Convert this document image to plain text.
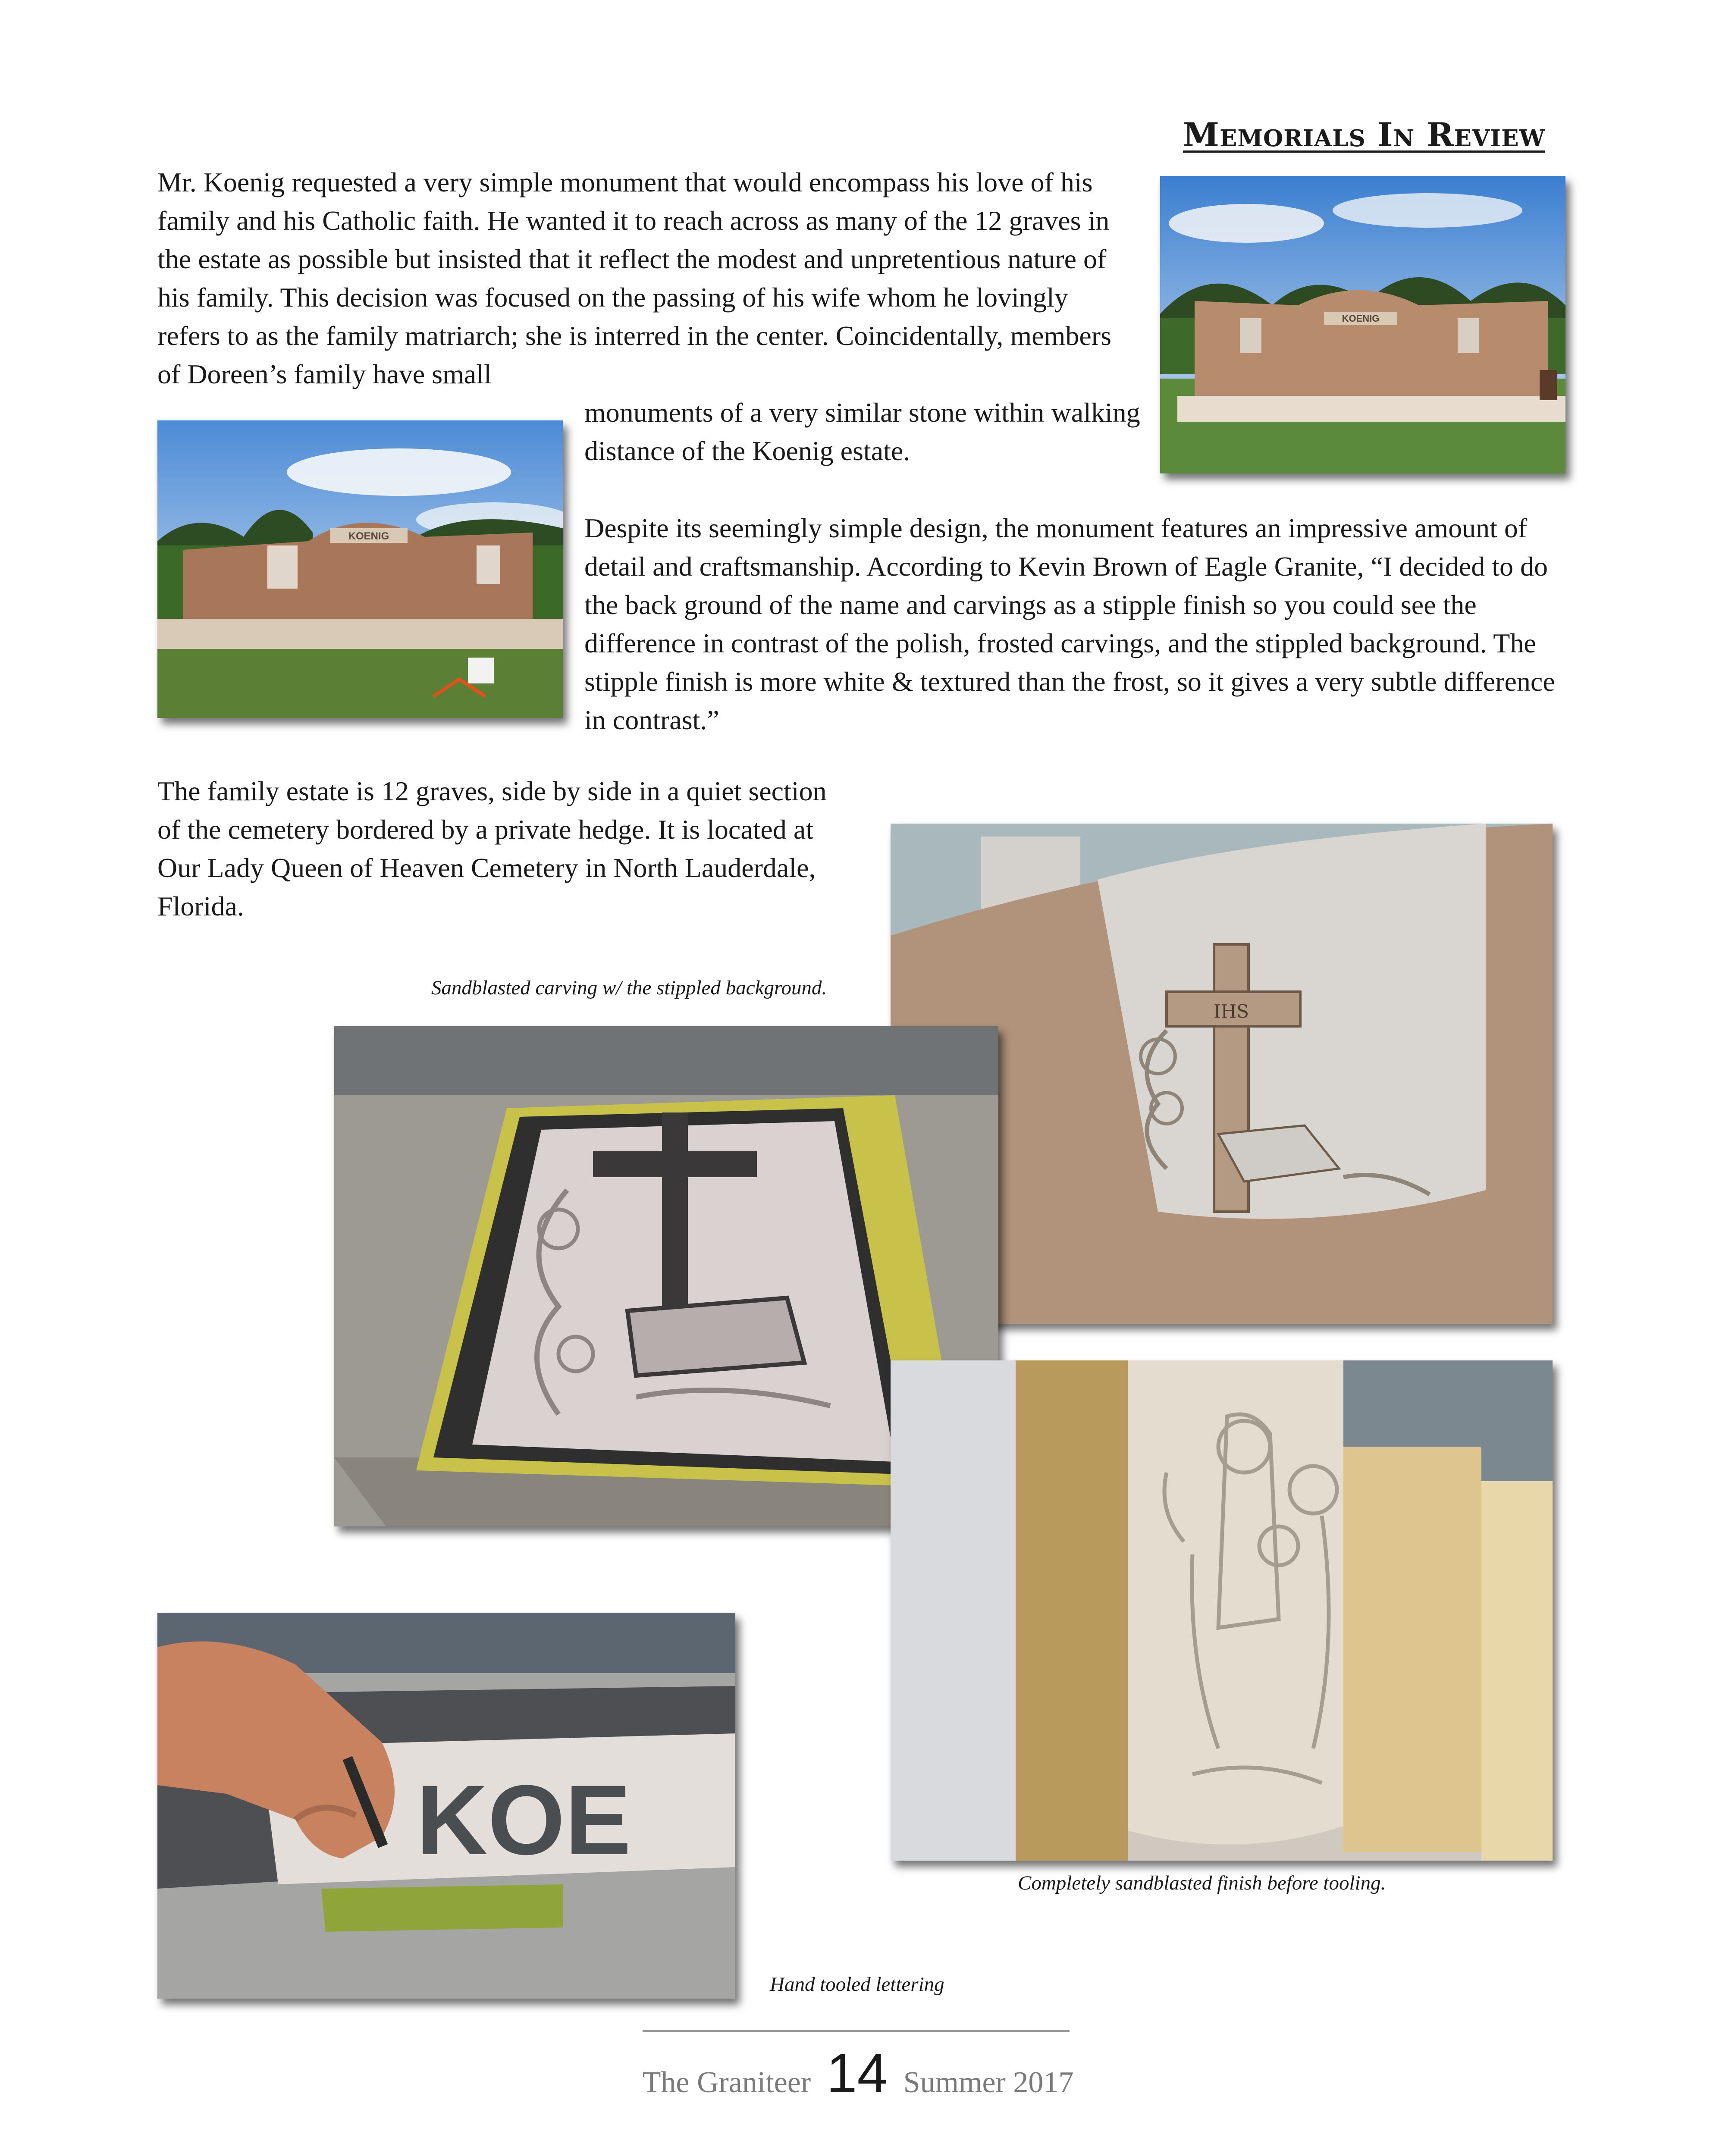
Memorials In Review

Mr. Koenig requested a very simple monument that would encompass his love of his family and his Catholic faith. He wanted it to reach across as many of the 12 graves in the estate as possible but insisted that it reflect the modest and unpretentious nature of his family. This decision was focused on the passing of his wife whom he lovingly refers to as the family matriarch; she is interred in the center. Coincidentally, members of Doreen’s family have small

monuments of a very similar stone within walking distance of the Koenig estate.

Despite its seemingly simple design, the monument features an impressive amount of detail and craftsmanship. According to Kevin Brown of Eagle Granite, “I decided to do the back ground of the name and carvings as a stipple finish so you could see the difference in contrast of the polish, frosted carvings, and the stippled background. The stipple finish is more white & textured than the frost, so it gives a very subtle difference in contrast.”

The family estate is 12 graves, side by side in a quiet section of the cemetery bordered by a private hedge. It is located at Our Lady Queen of Heaven Cemetery in North Lauderdale, Florida.

KOENIG
KOENIG
Sandblasted carving w/ the stippled background.
IHS
Completely sandblasted finish before tooling.
KOE
Hand tooled lettering
The Graniteer 14 Summer 2017
